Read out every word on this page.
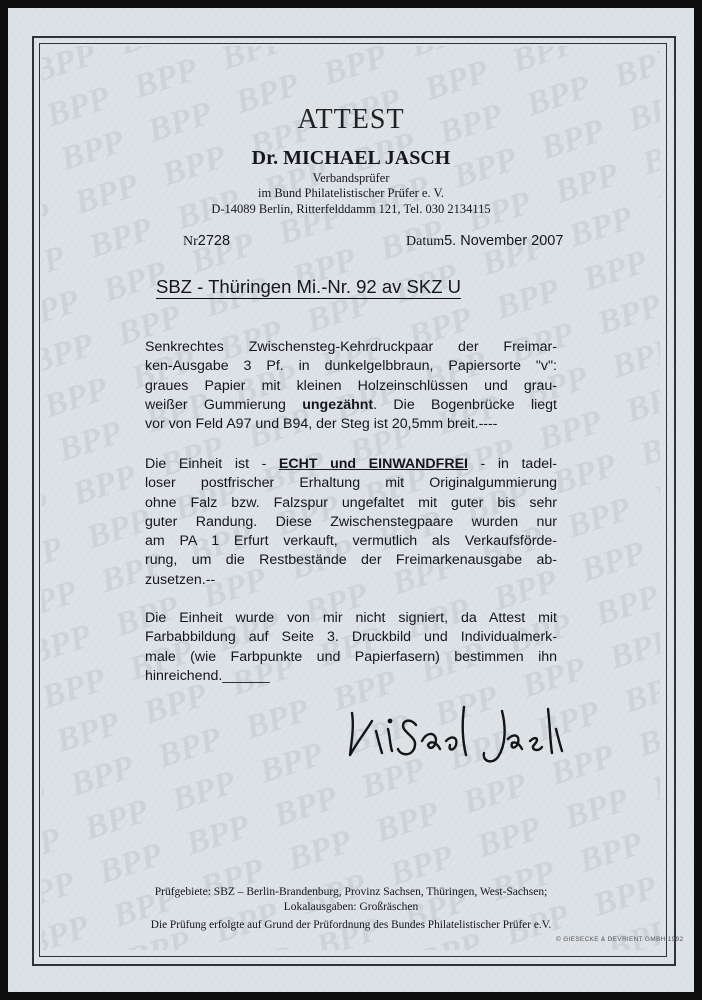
ATTEST
Dr. MICHAEL JASCH
Verbandsprüfer
im Bund Philatelistischer Prüfer e. V.
D-14089 Berlin, Ritterfelddamm 121, Tel. 030 2134115
Nr2728	Datum5. November 2007
SBZ - Thüringen Mi.-Nr. 92 av SKZ U
Senkrechtes Zwischensteg-Kehrdruckpaar der Freimar-
ken-Ausgabe 3 Pf. in dunkelgelbbraun, Papiersorte "v":
graues Papier mit kleinen Holzeinschlüssen und grau-
weißer Gummierung ungezähnt. Die Bogenbrücke liegt
vor von Feld A97 und B94, der Steg ist 20,5mm breit.----
Die Einheit ist - ECHT und EINWANDFREI - in tadel-
loser postfrischer Erhaltung mit Originalgummierung
ohne Falz bzw. Falzspur ungefaltet mit guter bis sehr
guter Randung. Diese Zwischenstegpaare wurden nur
am PA 1 Erfurt verkauft, vermutlich als Verkaufsförde-
rung, um die Restbestände der Freimarkenausgabe ab-
zusetzen.--
Die Einheit wurde von mir nicht signiert, da Attest mit
Farbabbildung auf Seite 3. Druckbild und Individualmerk-
male (wie Farbpunkte und Papierfasern) bestimmen ihn
hinreichend.______
Prüfgebiete: SBZ – Berlin-Brandenburg, Provinz Sachsen, Thüringen, West-Sachsen;
Lokalausgaben: Großräschen
Die Prüfung erfolgte auf Grund der Prüfordnung des Bundes Philatelistischer Prüfer e.V.
© GIESECKE & DEVRIENT GMBH 1992
